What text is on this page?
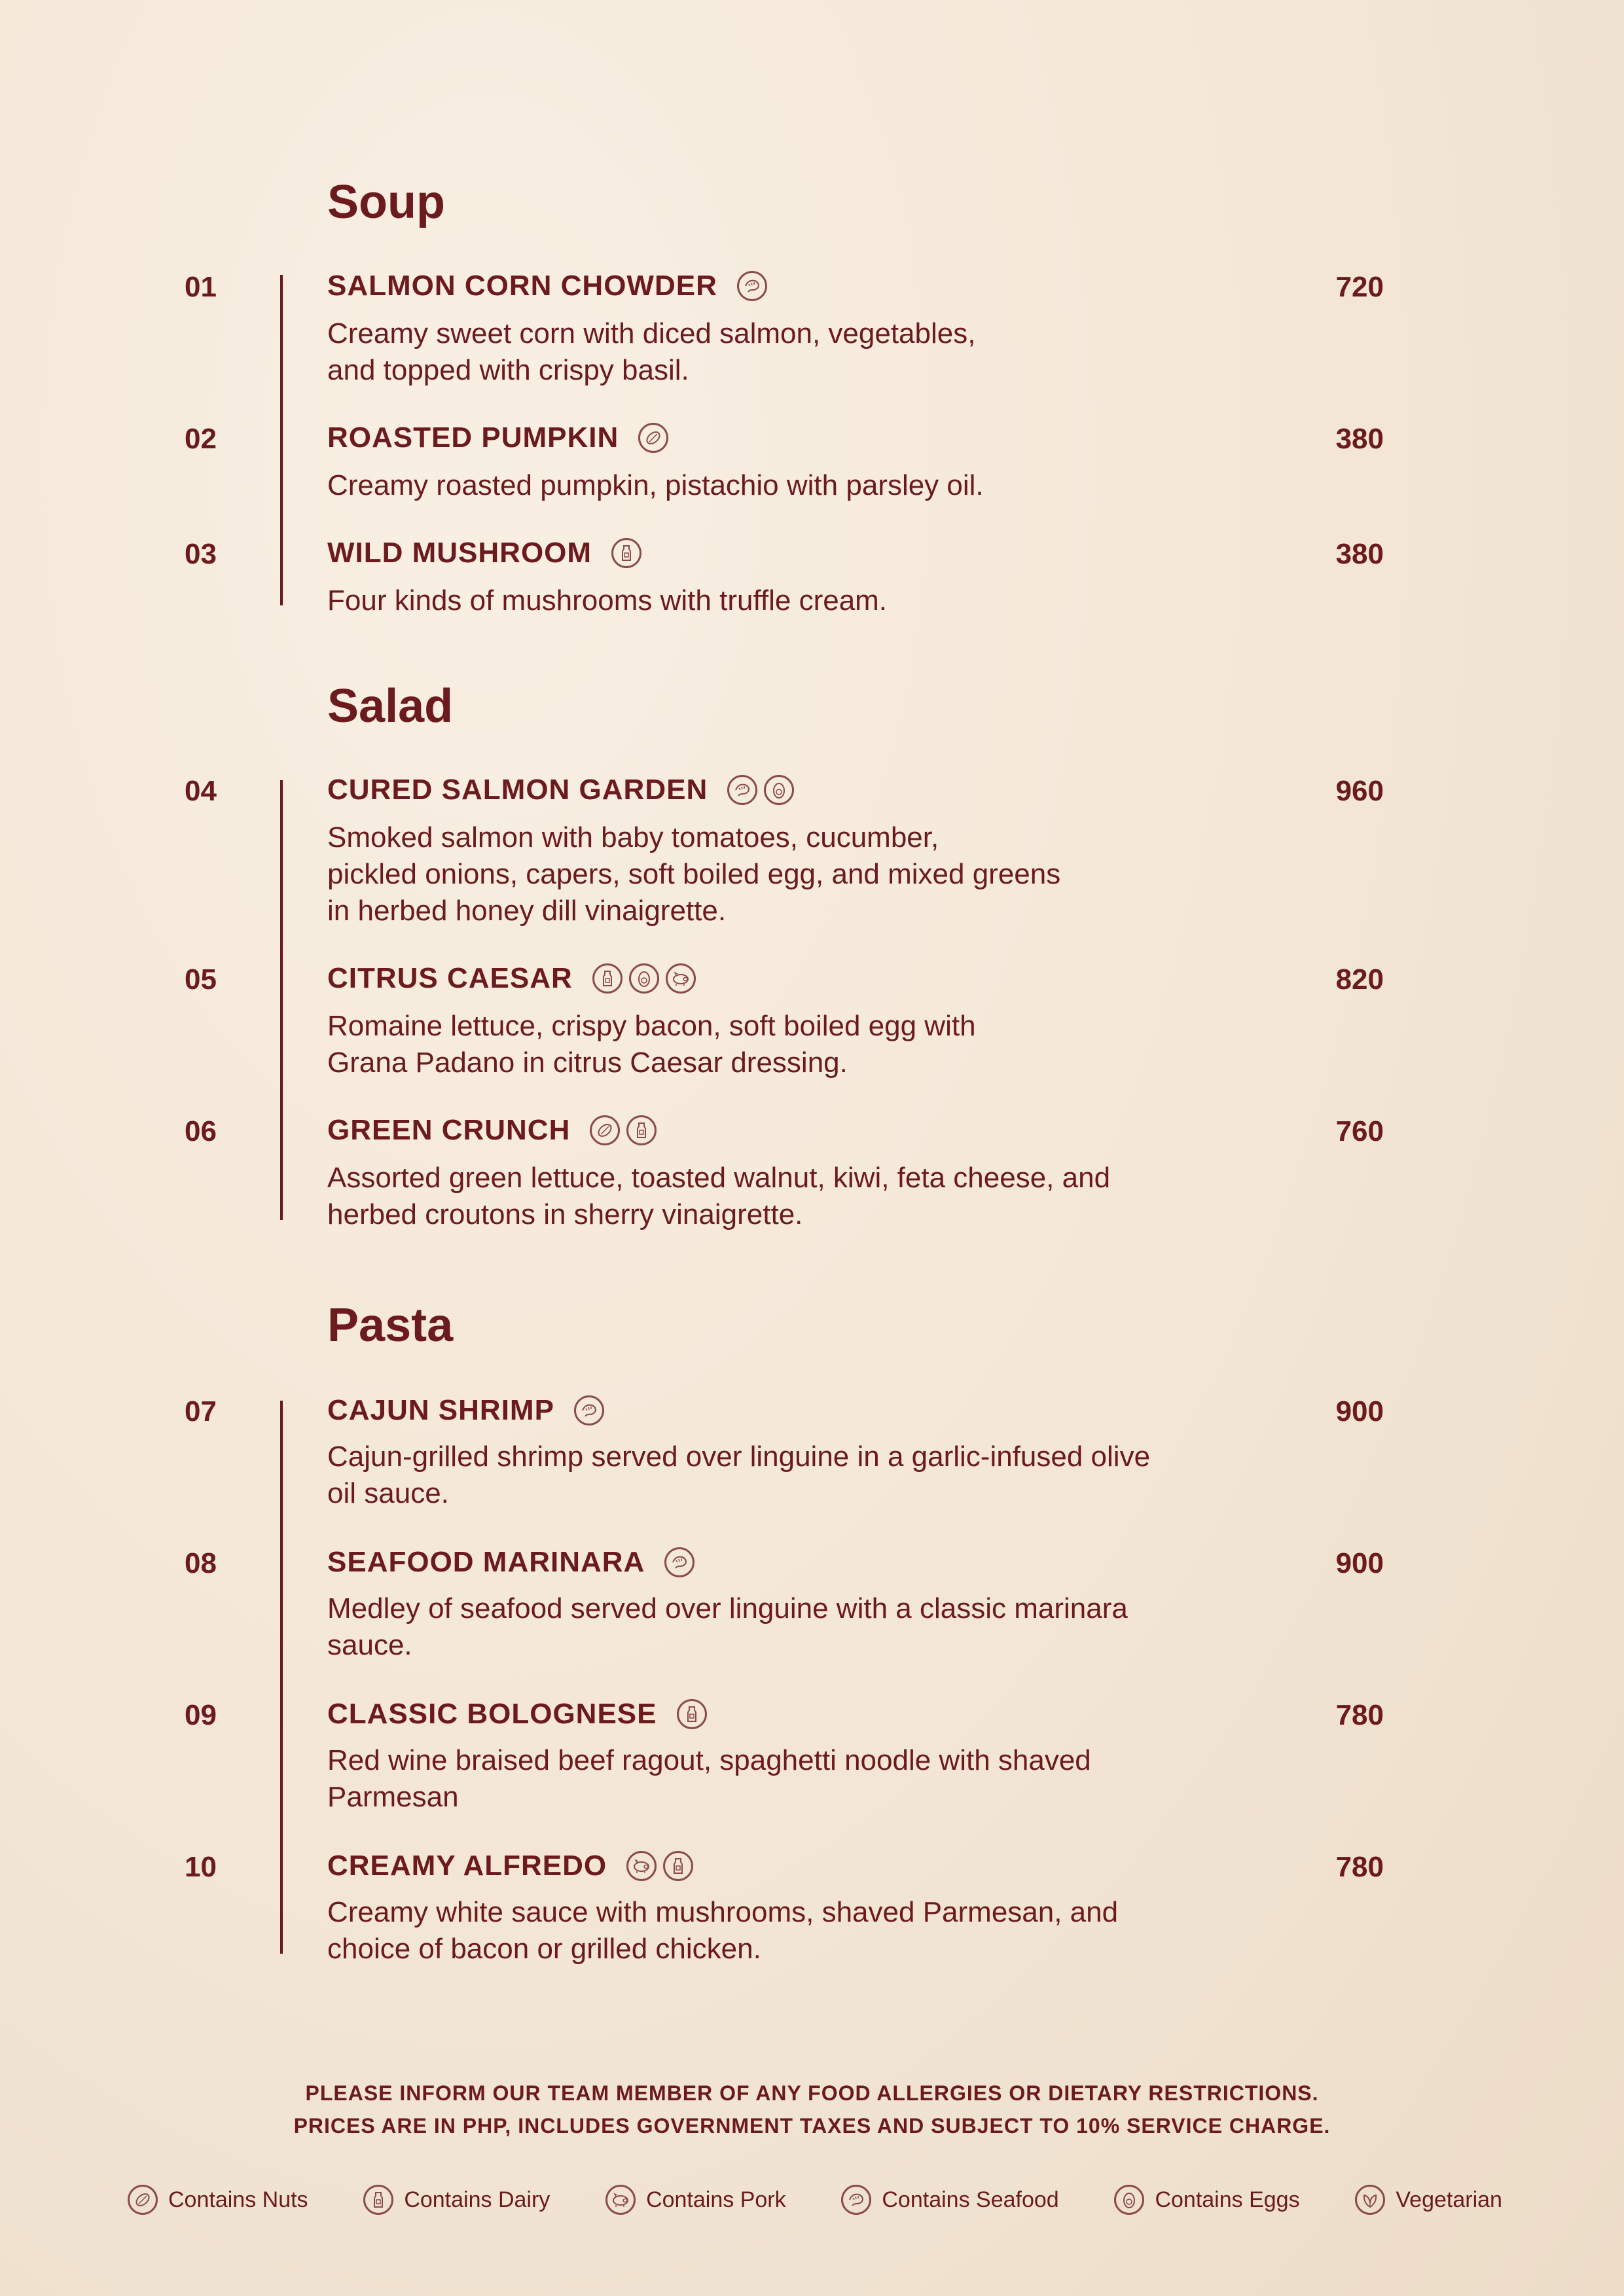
Soup
01	SALMON CORN CHOWDER	720

Creamy sweet corn with diced salmon, vegetables,
and topped with crispy basil.

02	ROASTED PUMPKIN	380

Creamy roasted pumpkin, pistachio with parsley oil.

03	WILD MUSHROOM	380

Four kinds of mushrooms with truffle cream.

Salad
04	CURED SALMON GARDEN	960

Smoked salmon with baby tomatoes, cucumber,
pickled onions, capers, soft boiled egg, and mixed greens
in herbed honey dill vinaigrette.

05	CITRUS CAESAR	820

Romaine lettuce, crispy bacon, soft boiled egg with
Grana Padano in citrus Caesar dressing.

06	GREEN CRUNCH	760

Assorted green lettuce, toasted walnut, kiwi, feta cheese, and
herbed croutons in sherry vinaigrette.

Pasta
07	CAJUN SHRIMP	900

Cajun-grilled shrimp served over linguine in a garlic-infused olive
oil sauce.

08	SEAFOOD MARINARA	900

Medley of seafood served over linguine with a classic marinara
sauce.

09	CLASSIC BOLOGNESE	780

Red wine braised beef ragout, spaghetti noodle with shaved
Parmesan

10	CREAMY ALFREDO	780

Creamy white sauce with mushrooms, shaved Parmesan, and
choice of bacon or grilled chicken.

PLEASE INFORM OUR TEAM MEMBER OF ANY FOOD ALLERGIES OR DIETARY RESTRICTIONS.
PRICES ARE IN PHP, INCLUDES GOVERNMENT TAXES AND SUBJECT TO 10% SERVICE CHARGE.
Contains Nuts	Contains Dairy	Contains Pork	Contains Seafood	Contains Eggs	Vegetarian
